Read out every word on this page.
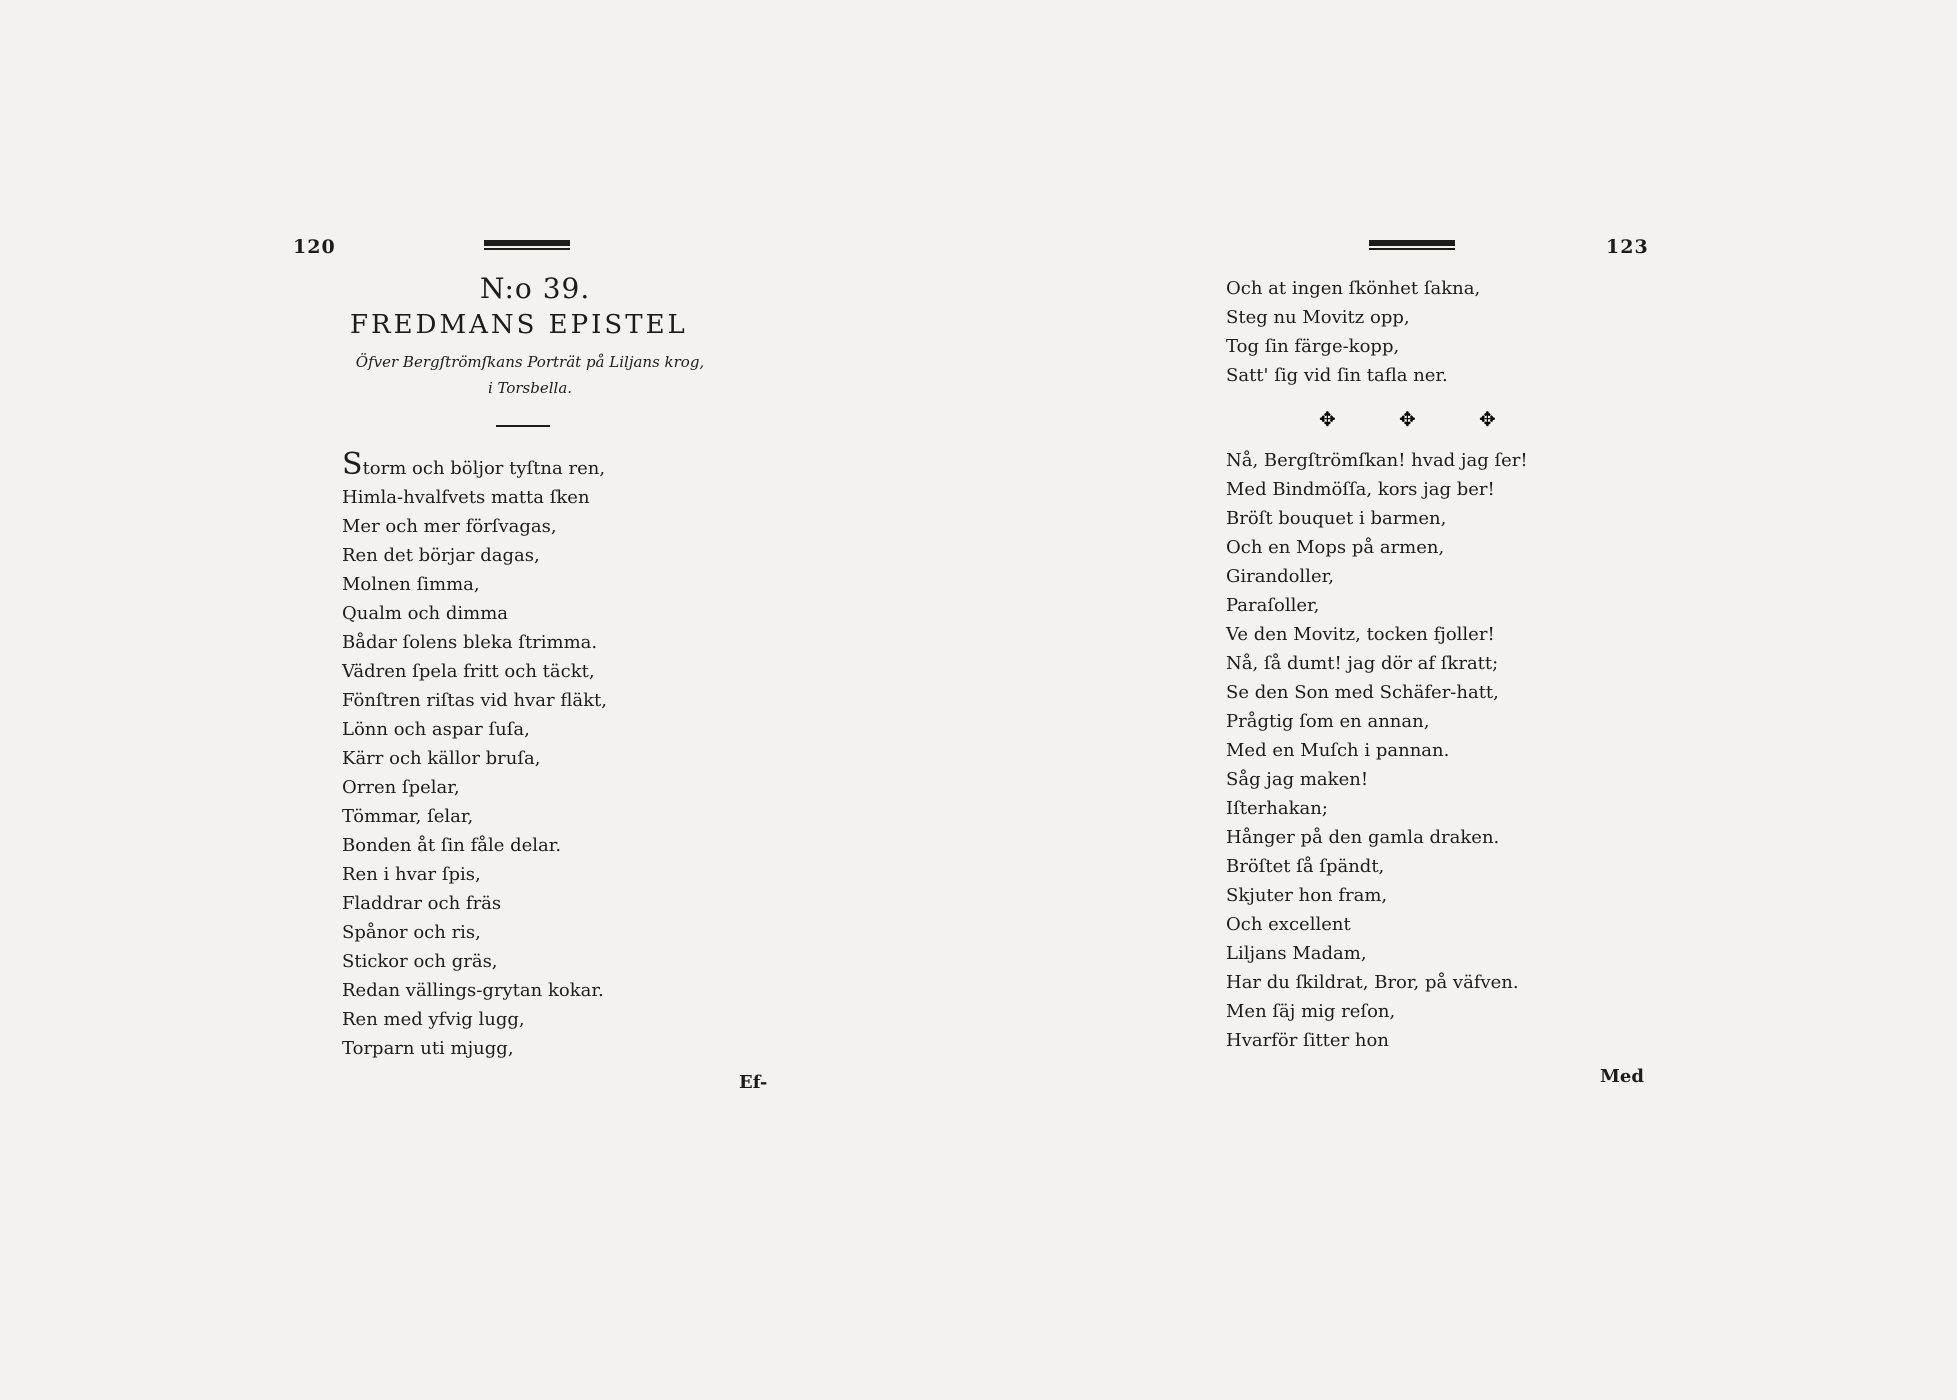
120
N:o 39.
FREDMANS EPISTEL
Öfver Bergſtrömſkans Porträt på Liljans krog,
i Torsbella.
Storm och böljor tyſtna ren,
Himla-hvalfvets matta ſken
Mer och mer förſvagas,
Ren det börjar dagas,
Molnen ſimma,
Qualm och dimma
Bådar ſolens bleka ſtrimma.
Vädren ſpela fritt och täckt,
Fönſtren riſtas vid hvar fläkt,
Lönn och aspar ſuſa,
Kärr och källor bruſa,
Orren ſpelar,
Tömmar, ſelar,
Bonden åt ſin fåle delar.
Ren i hvar ſpis,
Fladdrar och fräs
Spånor och ris,
Stickor och gräs,
Redan vällings-grytan kokar.
Ren med yfvig lugg,
Torparn uti mjugg,
Ef-
123
Och at ingen ſkönhet ſakna,
Steg nu Movitz opp,
Tog ſin färge-kopp,
Satt' ſig vid ſin tafla ner.
Nå, Bergſtrömſkan! hvad jag ſer!
Med Bindmöſſa, kors jag ber!
Bröſt bouquet i barmen,
Och en Mops på armen,
Girandoller,
Paraſoller,
Ve den Movitz, tocken fjoller!
Nå, ſå dumt! jag dör af ſkratt;
Se den Son med Schäfer-hatt,
Prågtig ſom en annan,
Med en Muſch i pannan.
Såg jag maken!
Iſterhakan;
Hånger på den gamla draken.
Bröſtet ſå ſpändt,
Skjuter hon fram,
Och excellent
Liljans Madam,
Har du ſkildrat, Bror, på väfven.
Men ſäj mig reſon,
Hvarför ſitter hon
Med
✥	✥	✥
